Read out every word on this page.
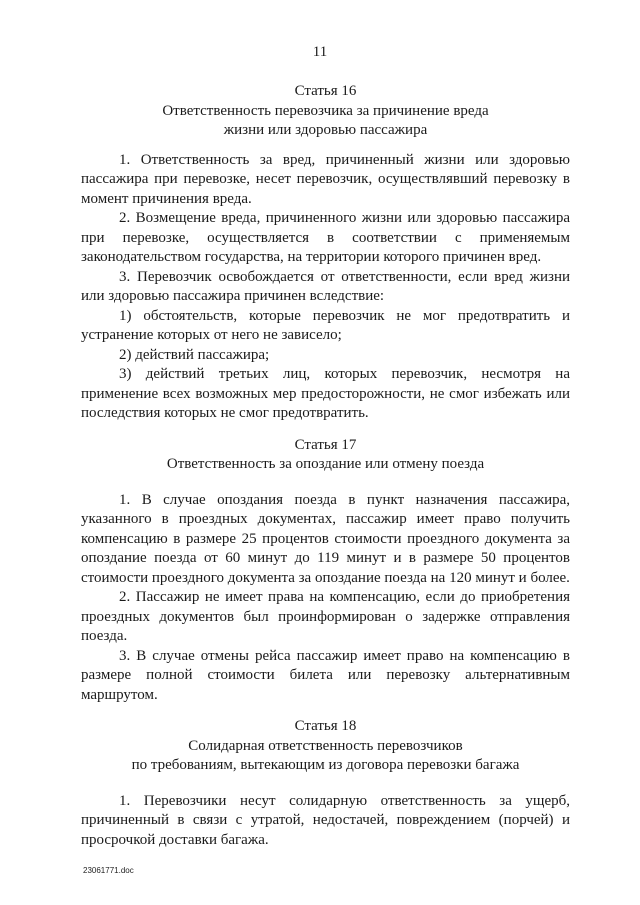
11
Статья 16
Ответственность перевозчика за причинение вреда
жизни или здоровью пассажира

1. Ответственность за вред, причиненный жизни или здоровью пассажира при перевозке, несет перевозчик, осуществлявший перевозку в момент причинения вреда.

2. Возмещение вреда, причиненного жизни или здоровью пассажира при перевозке, осуществляется в соответствии с применяемым законодательством государства, на территории которого причинен вред.

3. Перевозчик освобождается от ответственности, если вред жизни или здоровью пассажира причинен вследствие:

1) обстоятельств, которые перевозчик не мог предотвратить и устранение которых от него не зависело;

2) действий пассажира;

3) действий третьих лиц, которых перевозчик, несмотря на применение всех возможных мер предосторожности, не смог избежать или последствия которых не смог предотвратить.

Статья 17
Ответственность за опоздание или отмену поезда

1. В случае опоздания поезда в пункт назначения пассажира, указанного в проездных документах, пассажир имеет право получить компенсацию в размере 25 процентов стоимости проездного документа за опоздание поезда от 60 минут до 119 минут и в размере 50 процентов стоимости проездного документа за опоздание поезда на 120 минут и более.

2. Пассажир не имеет права на компенсацию, если до приобретения проездных документов был проинформирован о задержке отправления поезда.

3. В случае отмены рейса пассажир имеет право на компенсацию в размере полной стоимости билета или перевозку альтернативным маршрутом.

Статья 18
Солидарная ответственность перевозчиков
по требованиям, вытекающим из договора перевозки багажа

1. Перевозчики несут солидарную ответственность за ущерб, причиненный в связи с утратой, недостачей, повреждением (порчей) и просрочкой доставки багажа.

23061771.doc
